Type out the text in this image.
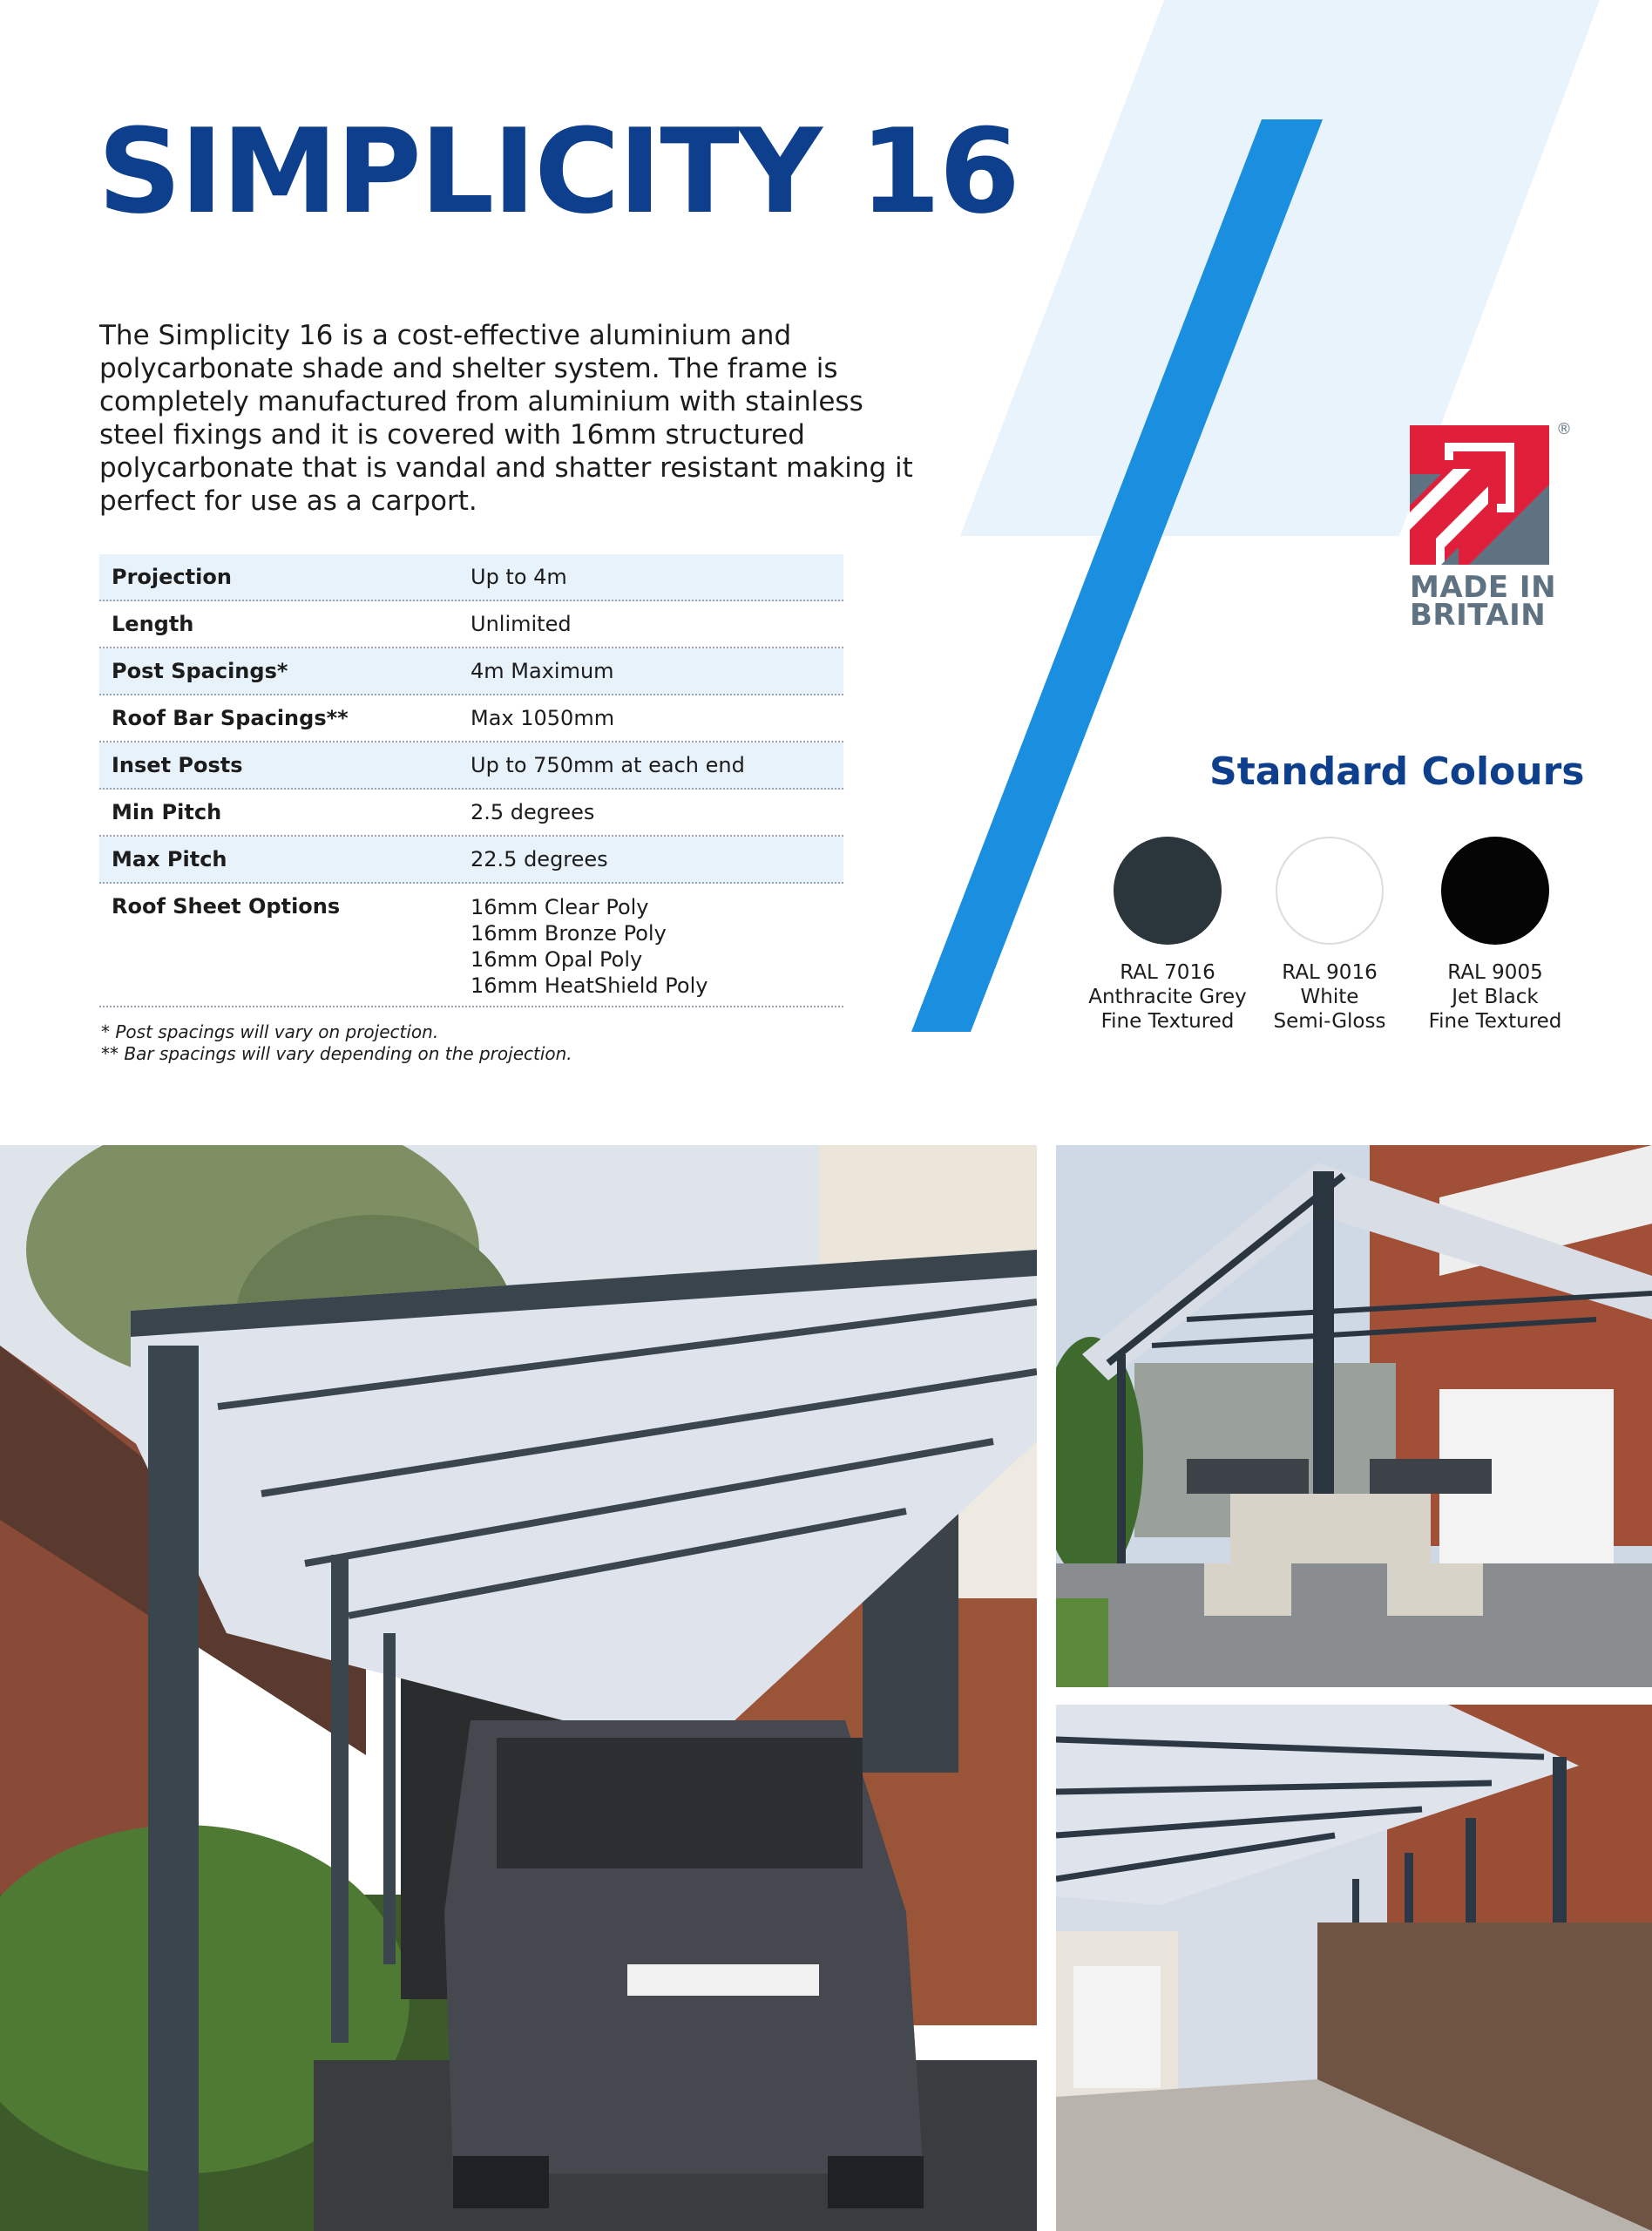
SIMPLICITY 16

The Simplicity 16 is a cost-effective aluminium and polycarbonate shade and shelter system. The frame is completely manufactured from aluminium with stainless steel fixings and it is covered with 16mm structured polycarbonate that is vandal and shatter resistant making it perfect for use as a carport.

Projection	Up to 4m
Length	Unlimited
Post Spacings*	4m Maximum
Roof Bar Spacings**	Max 1050mm
Inset Posts	Up to 750mm at each end
Min Pitch	2.5 degrees
Max Pitch	22.5 degrees
Roof Sheet Options	16mm Clear Poly
16mm Bronze Poly
16mm Opal Poly
16mm HeatShield Poly
* Post spacings will vary on projection.
** Bar spacings will vary depending on the projection.
®
MADE IN
BRITAIN
Standard Colours
RAL 7016
Anthracite Grey
Fine Textured
RAL 9016
White
Semi-Gloss
RAL 9005
Jet Black
Fine Textured
